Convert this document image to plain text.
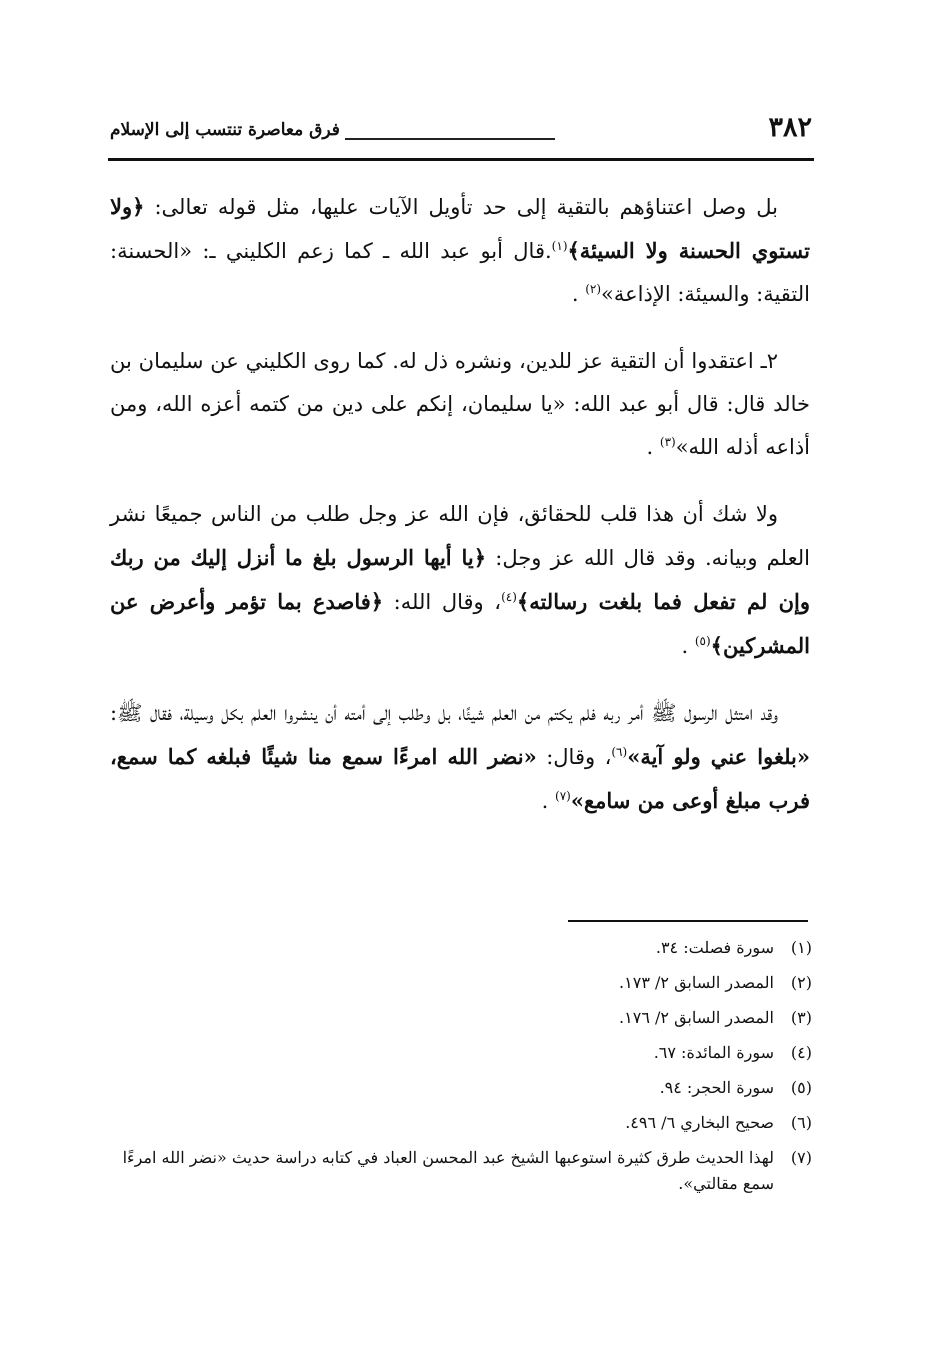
٣٨٢
فرق معاصرة تنتسب إلى الإسلام

بل وصل اعتناؤهم بالتقية إلى حد تأويل الآيات عليها، مثل قوله تعالى: ﴿ولا تستوي الحسنة ولا السيئة﴾$^{(١)}$.قال أبو عبد الله ـ كما زعم الكليني ـ: «الحسنة: التقية: والسيئة: الإذاعة»$^{(٢)}$ .

٢ـ اعتقدوا أن التقية عز للدين، ونشره ذل له. كما روى الكليني عن سليمان بن خالد قال: قال أبو عبد الله: «يا سليمان، إنكم على دين من كتمه أعزه الله، ومن أذاعه أذله الله»$^{(٣)}$ .

ولا شك أن هذا قلب للحقائق، فإن الله عز وجل طلب من الناس جميعًا نشر العلم وبيانه. وقد قال الله عز وجل: ﴿يا أيها الرسول بلغ ما أنزل إليك من ربك وإن لم تفعل فما بلغت رسالته﴾$^{(٤)}$، وقال الله: ﴿فاصدع بما تؤمر وأعرض عن المشركين﴾$^{(٥)}$ .

وقد امتثل الرسول ﷺ أمر ربه فلم يكتم من العلم شيئًا، بل وطلب إلى أمته أن ينشروا العلم بكل وسيلة، فقال ﷺ: «بلغوا عني ولو آية»$^{(٦)}$، وقال: «نضر الله امرءًا سمع منا شيئًا فبلغه كما سمع، فرب مبلغ أوعى من سامع»$^{(٧)}$ .

(١)
سورة فصلت: ٣٤.
(٢)
المصدر السابق ٢/ ١٧٣.
(٣)
المصدر السابق ٢/ ١٧٦.
(٤)
سورة المائدة: ٦٧.
(٥)
سورة الحجر: ٩٤.
(٦)
صحيح البخاري ٦/ ٤٩٦.
(٧)
لهذا الحديث طرق كثيرة استوعبها الشيخ عبد المحسن العباد في كتابه دراسة حديث «نضر الله امرءًا سمع مقالتي».
